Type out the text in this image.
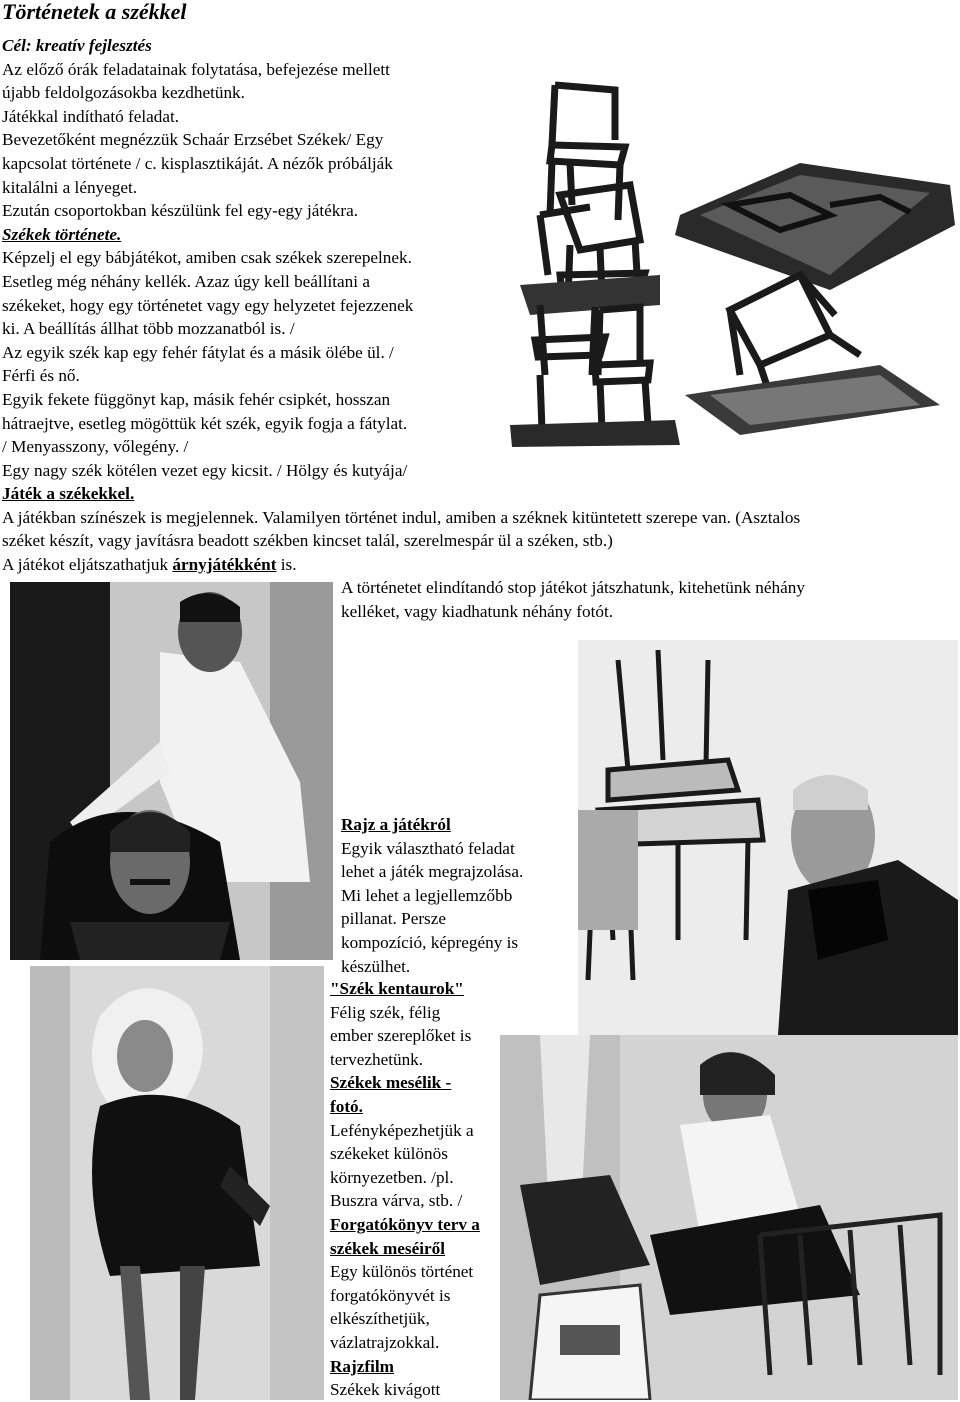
Történetek a székkel
Cél: kreatív fejlesztés
Az előző órák feladatainak folytatása, befejezése mellett
újabb feldolgozásokba kezdhetünk.
Játékkal indítható feladat.
Bevezetőként megnézzük Schaár Erzsébet Székek/ Egy
kapcsolat története / c. kisplasztikáját. A nézők próbálják
kitalálni a lényeget.
Ezután csoportokban készülünk fel egy-egy játékra.
Székek története.
Képzelj el egy bábjátékot, amiben csak székek szerepelnek.
Esetleg még néhány kellék. Azaz úgy kell beállítani a
székeket, hogy egy történetet vagy egy helyzetet fejezzenek
ki. A beállítás állhat több mozzanatból is. /
Az egyik szék kap egy fehér fátylat és a másik ölébe ül. /
Férfi és nő.
Egyik fekete függönyt kap, másik fehér csipkét, hosszan
hátraejtve, esetleg mögöttük két szék, egyik fogja a fátylat.
/ Menyasszony, vőlegény. /
Egy nagy szék kötélen vezet egy kicsit. / Hölgy és kutyája/
Játék a székekkel.
A játékban színészek is megjelennek. Valamilyen történet indul, amiben a széknek kitüntetett szerepe van. (Asztalos
széket készít, vagy javításra beadott székben kincset talál, szerelmespár ül a széken, stb.)
A játékot eljátszathatjuk árnyjátékként is.
A történetet elindítandó stop játékot játszhatunk, kitehetünk néhány
kelléket, vagy kiadhatunk néhány fotót.
Rajz a játékról
Egyik választható feladat
lehet a játék megrajzolása.
Mi lehet a legjellemzőbb
pillanat. Persze
kompozíció, képregény is
készülhet.
"Szék kentaurok"
Félig szék, félig
ember szereplőket is
tervezhetünk.
Székek mesélik -
fotó.
Lefényképezhetjük a
székeket különös
környezetben. /pl.
Buszra várva, stb. /
Forgatókönyv terv a
székek meséiről
Egy különös történet
forgatókönyvét is
elkészíthetjük,
vázlatrajzokkal.
Rajzfilm
Székek kivágott
